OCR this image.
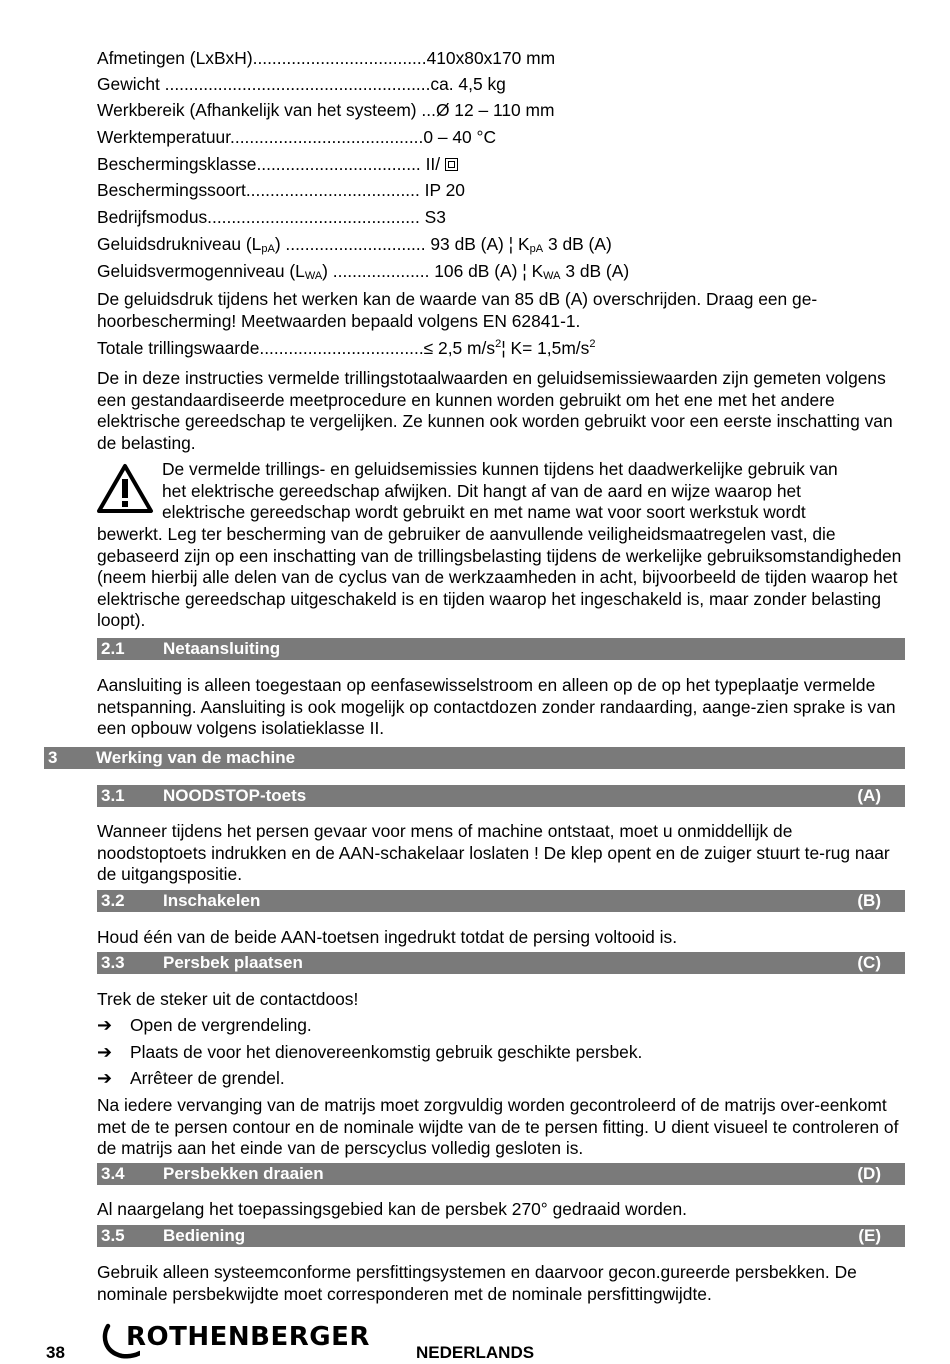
Afmetingen (LxBxH)....................................410x80x170 mm
Gewicht .......................................................ca. 4,5 kg
Werkbereik (Afhankelijk van het systeem) ...Ø 12 – 110 mm
Werktemperatuur........................................0 – 40 °C
Beschermingsklasse.................................. II/
Beschermingssoort.................................... IP 20
Bedrijfsmodus............................................ S3
Geluidsdrukniveau $(L_{pA})$ ............................. 93 dB (A) ¦ $K_{pA}$ 3 dB (A)
Geluidsvermogenniveau $(L_{WA})$ .................... 106 dB (A) ¦ $K_{WA}$ 3 dB (A)

De geluidsdruk tijdens het werken kan de waarde van 85 dB (A) overschrijden. Draag een ge-hoorbescherming! Meetwaarden bepaald volgens EN 62841-1.

Totale trillingswaarde..................................≤ 2,5 $m/s^2¦$ $K= 1,5m/s^2$

De in deze instructies vermelde trillingstotaalwaarden en geluidsemissiewaarden zijn gemeten volgens een gestandaardiseerde meetprocedure en kunnen worden gebruikt om het ene met het andere elektrische gereedschap te vergelijken. Ze kunnen ook worden gebruikt voor een eerste inschatting van de belasting.

De vermelde trillings- en geluidsemissies kunnen tijdens het daadwerkelijke gebruik van
het elektrische gereedschap afwijken. Dit hangt af van de aard en wijze waarop het
elektrische gereedschap wordt gebruikt en met name wat voor soort werkstuk wordt

bewerkt. Leg ter bescherming van de gebruiker de aanvullende veiligheidsmaatregelen vast, die gebaseerd zijn op een inschatting van de trillingsbelasting tijdens de werkelijke gebruiksomstandigheden (neem hierbij alle delen van de cyclus van de werkzaamheden in acht, bijvoorbeeld de tijden waarop het elektrische gereedschap uitgeschakeld is en tijden waarop het ingeschakeld is, maar zonder belasting loopt).

2.1 Netaansluiting

Aansluiting is alleen toegestaan op eenfasewisselstroom en alleen op de op het typeplaatje vermelde netspanning. Aansluiting is ook mogelijk op contactdozen zonder randaarding, aange-zien sprake is van een opbouw volgens isolatieklasse II.

3 Werking van de machine
3.1 NOODSTOP-toets	(A)

Wanneer tijdens het persen gevaar voor mens of machine ontstaat, moet u onmiddellijk de noodstoptoets indrukken en de AAN-schakelaar loslaten ! De klep opent en de zuiger stuurt te-rug naar de uitgangspositie.

3.2 Inschakelen	(B)

Houd één van de beide AAN-toetsen ingedrukt totdat de persing voltooid is.

3.3 Persbek plaatsen	(C)

Trek de steker uit de contactdoos!

➔ Open de vergrendeling.
➔ Plaats de voor het dienovereenkomstig gebruik geschikte persbek.
➔ Arrêteer de grendel.

Na iedere vervanging van de matrijs moet zorgvuldig worden gecontroleerd of de matrijs over-eenkomt met de te persen contour en de nominale wijdte van de te persen fitting. U dient visueel te controleren of de matrijs aan het einde van de perscyclus volledig gesloten is.

3.4 Persbekken draaien	(D)

Al naargelang het toepassingsgebied kan de persbek 270° gedraaid worden.

3.5 Bediening	(E)

Gebruik alleen systeemconforme persfittingsystemen en daarvoor gecon.gureerde persbekken. De nominale persbekwijdte moet corresponderen met de nominale persfittingwijdte.

38
ROTHENBERGER
NEDERLANDS
